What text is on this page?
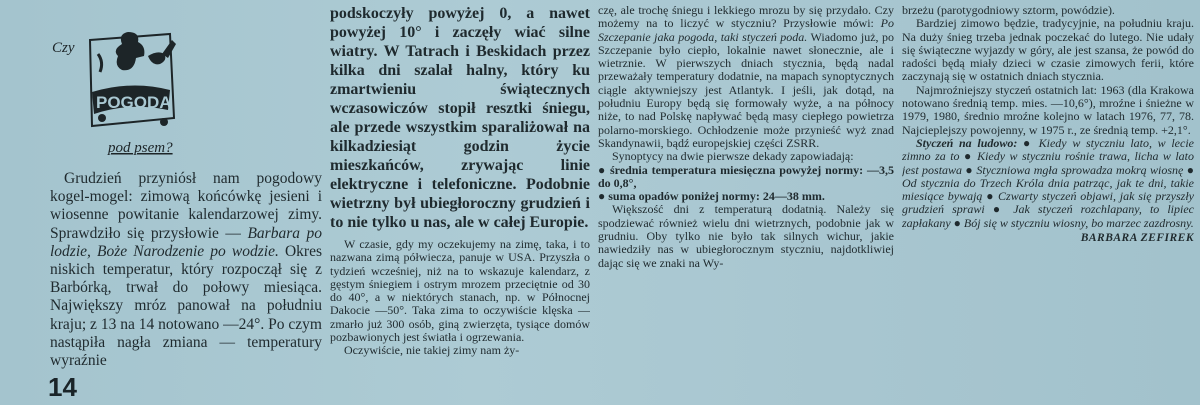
Czy
POGODA
pod psem?

Grudzień przyniósł nam pogodowy kogel-mogel: zimową końcówkę jesieni i wiosenne powitanie kalendarzowej zimy. Sprawdziło się przysłowie — Barbara po lodzie, Boże Narodzenie po wodzie. Okres niskich temperatur, który rozpoczął się z Barbórką, trwał do połowy miesiąca. Największy mróz panował na południu kraju; z 13 na 14 notowano —24°. Po czym nastąpiła nagła zmiana — temperatury wyraźnie

podskoczyły powyżej 0, a nawet powyżej 10° i zaczęły wiać silne wiatry. W Tatrach i Beskidach przez kilka dni szalał halny, który ku zmartwieniu świątecznych wczasowiczów stopił resztki śniegu, ale przede wszystkim sparaliżował na kilkadziesiąt godzin życie mieszkańców, zrywając linie elektryczne i telefoniczne. Podobnie wietrzny był ubiegłoroczny grudzień i to nie tylko u nas, ale w całej Europie.

W czasie, gdy my oczekujemy na zimę, taka, i to nazwana zimą półwiecza, panuje w USA. Przyszła o tydzień wcześniej, niż na to wskazuje kalendarz, z gęstym śniegiem i ostrym mrozem przeciętnie od 30 do 40°, a w niektórych stanach, np. w Północnej Dakocie —50°. Taka zima to oczywiście klęska — zmarło już 300 osób, giną zwierzęta, tysiące domów pozbawionych jest światła i ogrzewania.

Oczywiście, nie takiej zimy nam ży-

czę, ale trochę śniegu i lekkiego mrozu by się przydało. Czy możemy na to liczyć w styczniu? Przysłowie mówi: Po Szczepanie jaka pogoda, taki styczeń poda. Wiadomo już, po Szczepanie było ciepło, lokalnie nawet słonecznie, ale i wietrznie. W pierwszych dniach stycznia, będą nadal przeważały temperatury dodatnie, na mapach synoptycznych ciągle aktywniejszy jest Atlantyk. I jeśli, jak dotąd, na południu Europy będą się formowały wyże, a na północy niże, to nad Polskę napływać będą masy ciepłego powietrza polarno-morskiego. Ochłodzenie może przynieść wyż znad Skandynawii, bądź europejskiej części ZSRR.

Synoptycy na dwie pierwsze dekady zapowiadają:

● średnia temperatura miesięczna powyżej normy: —3,5 do 0,8°,

● suma opadów poniżej normy: 24—38 mm.

Większość dni z temperaturą dodatnią. Należy się spodziewać również wielu dni wietrznych, podobnie jak w grudniu. Oby tylko nie było tak silnych wichur, jakie nawiedziły nas w ubiegłorocznym styczniu, najdotkliwiej dając się we znaki na Wy-

brzeżu (parotygodniowy sztorm, powódzie).

Bardziej zimowo będzie, tradycyjnie, na południu kraju. Na duży śnieg trzeba jednak poczekać do lutego. Nie udały się świąteczne wyjazdy w góry, ale jest szansa, że powód do radości będą miały dzieci w czasie zimowych ferii, które zaczynają się w ostatnich dniach stycznia.

Najmroźniejszy styczeń ostatnich lat: 1963 (dla Krakowa notowano średnią temp. mies. —10,6°), mroźne i śnieżne w 1979, 1980, średnio mroźne kolejno w latach 1976, 77, 78. Najcieplejszy powojenny, w 1975 r., ze średnią temp. +2,1°.

Styczeń na ludowo: ● Kiedy w styczniu lato, w lecie zimno za to ● Kiedy w styczniu rośnie trawa, licha w lato jest postawa ● Styczniowa mgła sprowadza mokrą wiosnę ● Od stycznia do Trzech Króla dnia patrząc, jak te dni, takie miesiące bywają ● Czwarty styczeń objawi, jak się przyszły grudzień sprawi ● Jak styczeń rozchlapany, to lipiec zapłakany ● Bój się w styczniu wiosny, bo marzec zazdrosny.

BARBARA ZEFIREK

14
